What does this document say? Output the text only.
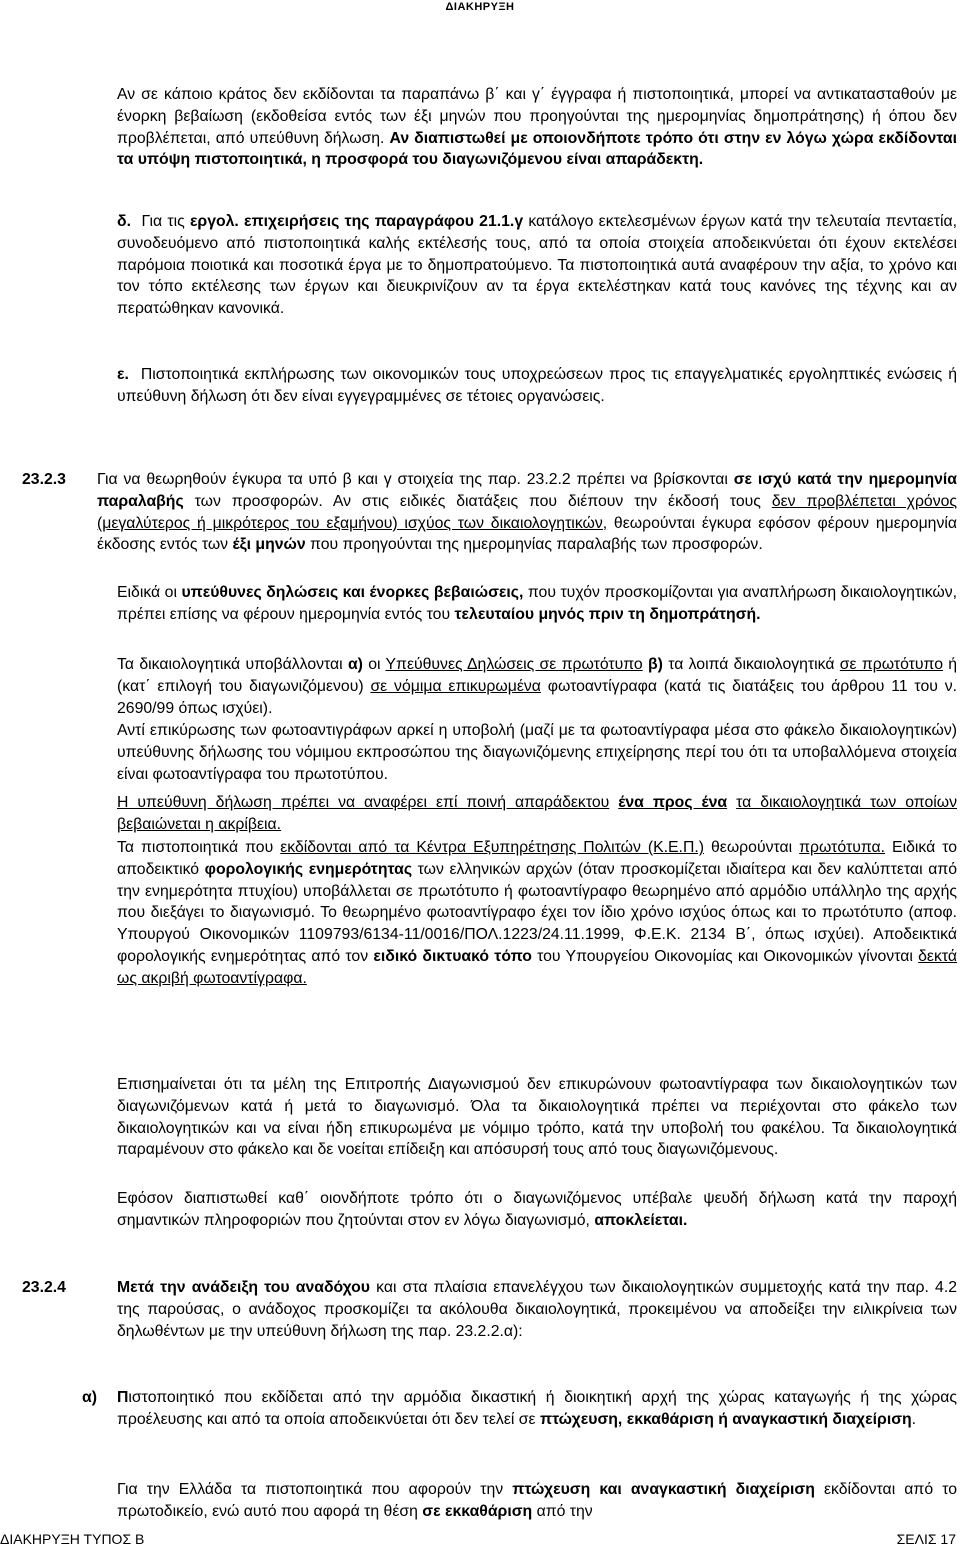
ΔΙΑΚΗΡΥΞΗ
Αν σε κάποιο κράτος δεν εκδίδονται τα παραπάνω β΄ και γ΄ έγγραφα ή πιστοποιητικά, μπορεί να αντικατασταθούν με ένορκη βεβαίωση (εκδοθείσα εντός των έξι μηνών που προηγούνται της ημερομηνίας δημοπράτησης) ή όπου δεν προβλέπεται, από υπεύθυνη δήλωση. Αν διαπιστωθεί με οποιονδήποτε τρόπο ότι στην εν λόγω χώρα εκδίδονται τα υπόψη πιστοποιητικά, η προσφορά του διαγωνιζόμενου είναι απαράδεκτη.
δ. Για τις εργολ. επιχειρήσεις της παραγράφου 21.1.γ κατάλογο εκτελεσμένων έργων κατά την τελευταία πενταετία, συνοδευόμενο από πιστοποιητικά καλής εκτέλεσής τους, από τα οποία στοιχεία αποδεικνύεται ότι έχουν εκτελέσει παρόμοια ποιοτικά και ποσοτικά έργα με το δημοπρατούμενο. Τα πιστοποιητικά αυτά αναφέρουν την αξία, το χρόνο και τον τόπο εκτέλεσης των έργων και διευκρινίζουν αν τα έργα εκτελέστηκαν κατά τους κανόνες της τέχνης και αν περατώθηκαν κανονικά.
ε. Πιστοποιητικά εκπλήρωσης των οικονομικών τους υποχρεώσεων προς τις επαγγελματικές εργοληπτικές ενώσεις ή υπεύθυνη δήλωση ότι δεν είναι εγγεγραμμένες σε τέτοιες οργανώσεις.
23.2.3 Για να θεωρηθούν έγκυρα τα υπό β και γ στοιχεία της παρ. 23.2.2 πρέπει να βρίσκονται σε ισχύ κατά την ημερομηνία παραλαβής των προσφορών. Αν στις ειδικές διατάξεις που διέπουν την έκδοσή τους δεν προβλέπεται χρόνος (μεγαλύτερος ή μικρότερος του εξαμήνου) ισχύος των δικαιολογητικών, θεωρούνται έγκυρα εφόσον φέρουν ημερομηνία έκδοσης εντός των έξι μηνών που προηγούνται της ημερομηνίας παραλαβής των προσφορών.
Ειδικά οι υπεύθυνες δηλώσεις και ένορκες βεβαιώσεις, που τυχόν προσκομίζονται για αναπλήρωση δικαιολογητικών, πρέπει επίσης να φέρουν ημερομηνία εντός του τελευταίου μηνός πριν τη δημοπράτησή.
Τα δικαιολογητικά υποβάλλονται α) οι Υπεύθυνες Δηλώσεις σε πρωτότυπο β) τα λοιπά δικαιολογητικά σε πρωτότυπο ή (κατ΄ επιλογή του διαγωνιζόμενου) σε νόμιμα επικυρωμένα φωτοαντίγραφα (κατά τις διατάξεις του άρθρου 11 του ν. 2690/99 όπως ισχύει).
Αντί επικύρωσης των φωτοαντιγράφων αρκεί η υποβολή (μαζί με τα φωτοαντίγραφα μέσα στο φάκελο δικαιολογητικών) υπεύθυνης δήλωσης του νόμιμου εκπροσώπου της διαγωνιζόμενης επιχείρησης περί του ότι τα υποβαλλόμενα στοιχεία είναι φωτοαντίγραφα του πρωτοτύπου.
Η υπεύθυνη δήλωση πρέπει να αναφέρει επί ποινή απαράδεκτου ένα προς ένα τα δικαιολογητικά των οποίων βεβαιώνεται η ακρίβεια.
Τα πιστοποιητικά που εκδίδονται από τα Κέντρα Εξυπηρέτησης Πολιτών (Κ.Ε.Π.) θεωρούνται πρωτότυπα. Ειδικά το αποδεικτικό φορολογικής ενημερότητας των ελληνικών αρχών (όταν προσκομίζεται ιδιαίτερα και δεν καλύπτεται από την ενημερότητα πτυχίου) υποβάλλεται σε πρωτότυπο ή φωτοαντίγραφο θεωρημένο από αρμόδιο υπάλληλο της αρχής που διεξάγει το διαγωνισμό. Το θεωρημένο φωτοαντίγραφο έχει τον ίδιο χρόνο ισχύος όπως και το πρωτότυπο (αποφ. Υπουργού Οικονομικών 1109793/6134-11/0016/ΠΟΛ.1223/24.11.1999, Φ.Ε.Κ. 2134 Β΄, όπως ισχύει). Αποδεικτικά φορολογικής ενημερότητας από τον ειδικό δικτυακό τόπο του Υπουργείου Οικονομίας και Οικονομικών γίνονται δεκτά ως ακριβή φωτοαντίγραφα.
Επισημαίνεται ότι τα μέλη της Επιτροπής Διαγωνισμού δεν επικυρώνουν φωτοαντίγραφα των δικαιολογητικών των διαγωνιζόμενων κατά ή μετά το διαγωνισμό. Όλα τα δικαιολογητικά πρέπει να περιέχονται στο φάκελο των δικαιολογητικών και να είναι ήδη επικυρωμένα με νόμιμο τρόπο, κατά την υποβολή του φακέλου. Τα δικαιολογητικά παραμένουν στο φάκελο και δε νοείται επίδειξη και απόσυρσή τους από τους διαγωνιζόμενους.
Εφόσον διαπιστωθεί καθ΄ οιονδήποτε τρόπο ότι ο διαγωνιζόμενος υπέβαλε ψευδή δήλωση κατά την παροχή σημαντικών πληροφοριών που ζητούνται στον εν λόγω διαγωνισμό, αποκλείεται.
23.2.4	Μετά την ανάδειξη του αναδόχου και στα πλαίσια επανελέγχου των δικαιολογητικών συμμετοχής κατά την παρ. 4.2 της παρούσας, ο ανάδοχος προσκομίζει τα ακόλουθα δικαιολογητικά, προκειμένου να αποδείξει την ειλικρίνεια των δηλωθέντων με την υπεύθυνη δήλωση της παρ. 23.2.2.α):
α) Πιστοποιητικό που εκδίδεται από την αρμόδια δικαστική ή διοικητική αρχή της χώρας καταγωγής ή της χώρας προέλευσης και από τα οποία αποδεικνύεται ότι δεν τελεί σε πτώχευση, εκκαθάριση ή αναγκαστική διαχείριση.
Για την Ελλάδα τα πιστοποιητικά που αφορούν την πτώχευση και αναγκαστική διαχείριση εκδίδονται από το πρωτοδικείο, ενώ αυτό που αφορά τη θέση σε εκκαθάριση από την
ΔΙΑΚΗΡΥΞΗ ΤΥΠΟΣ Β	ΣΕΛΙΣ 17
